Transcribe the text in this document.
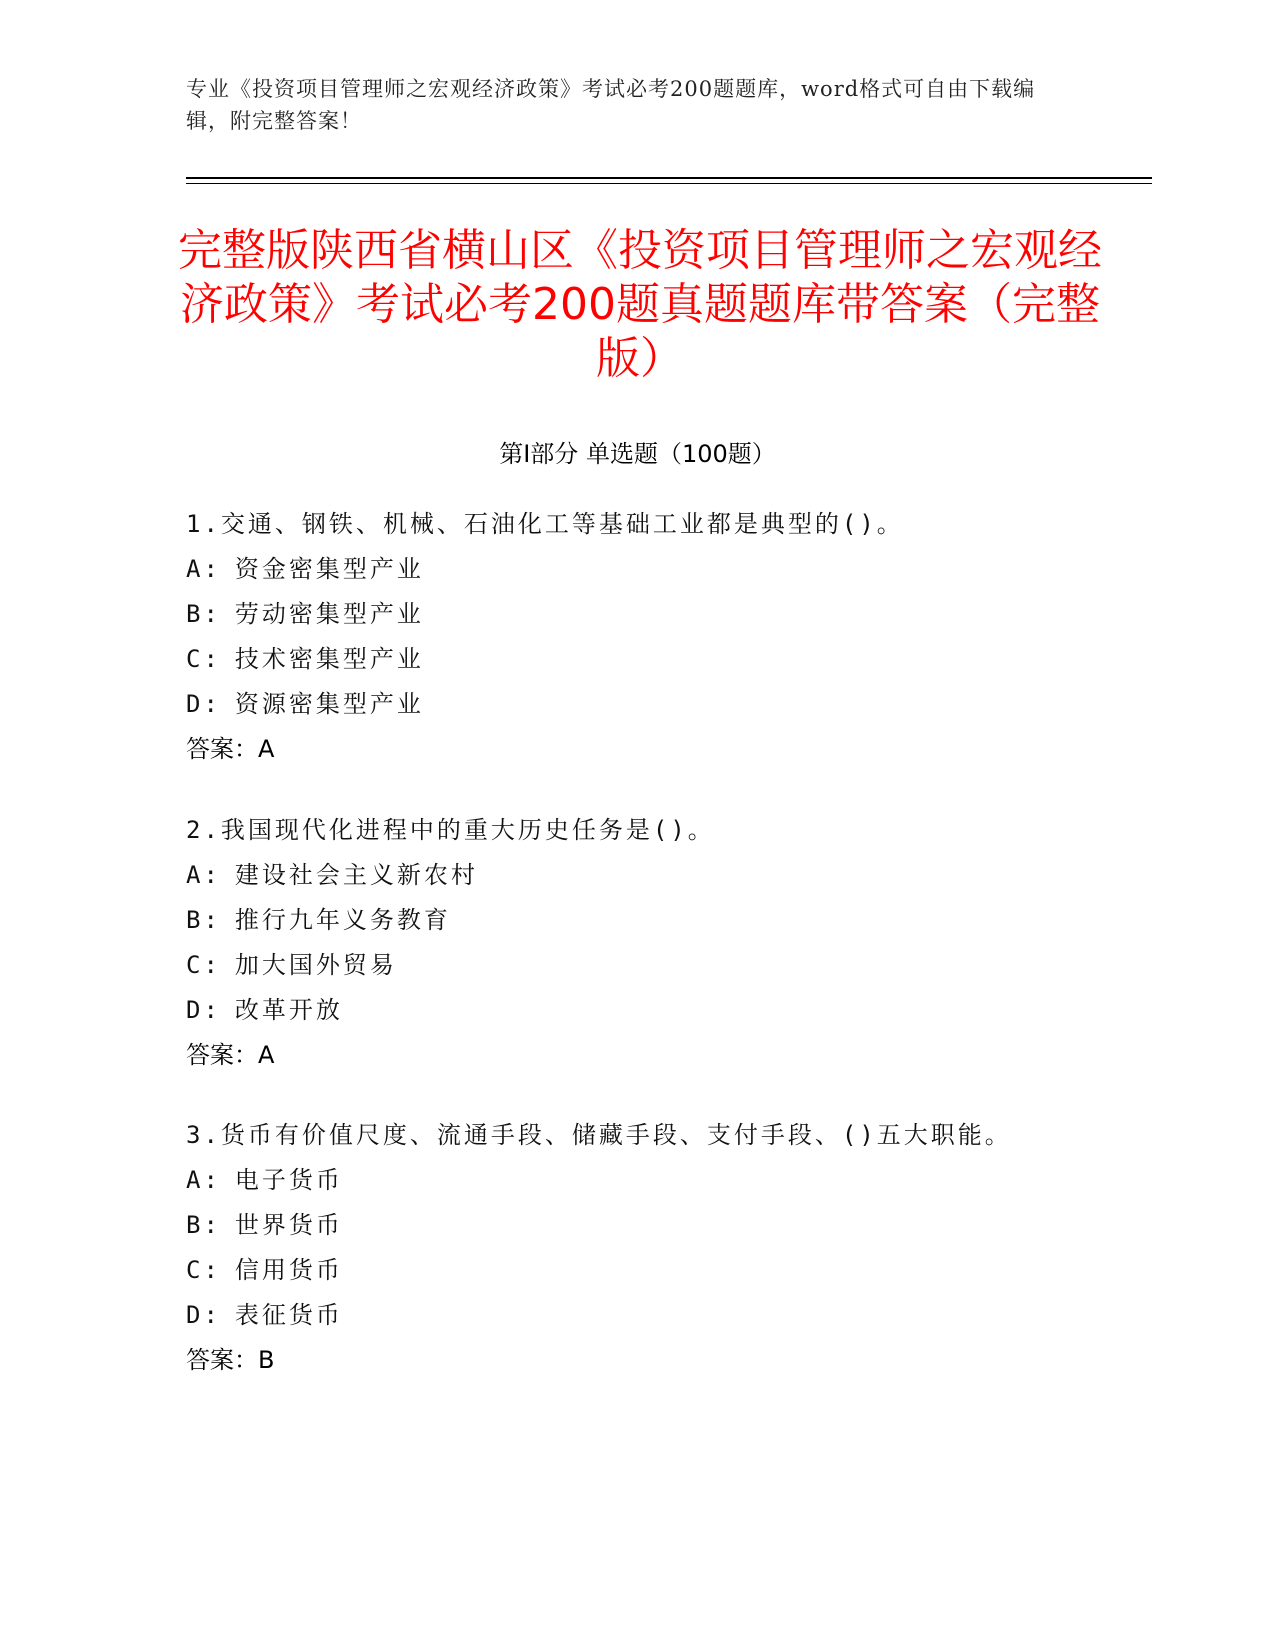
专业《投资项目管理师之宏观经济政策》考试必考200题题库，word格式可自由下载编辑，附完整答案！
完整版陕西省横山区《投资项目管理师之宏观经济政策》考试必考200题真题题库带答案（完整版）
第Ⅰ部分 单选题（100题）
1.交通、钢铁、机械、石油化工等基础工业都是典型的()。
A: 资金密集型产业
B: 劳动密集型产业
C: 技术密集型产业
D: 资源密集型产业
答案：A
2.我国现代化进程中的重大历史任务是()。
A: 建设社会主义新农村
B: 推行九年义务教育
C: 加大国外贸易
D: 改革开放
答案：A
3.货币有价值尺度、流通手段、储藏手段、支付手段、()五大职能。
A: 电子货币
B: 世界货币
C: 信用货币
D: 表征货币
答案：B
